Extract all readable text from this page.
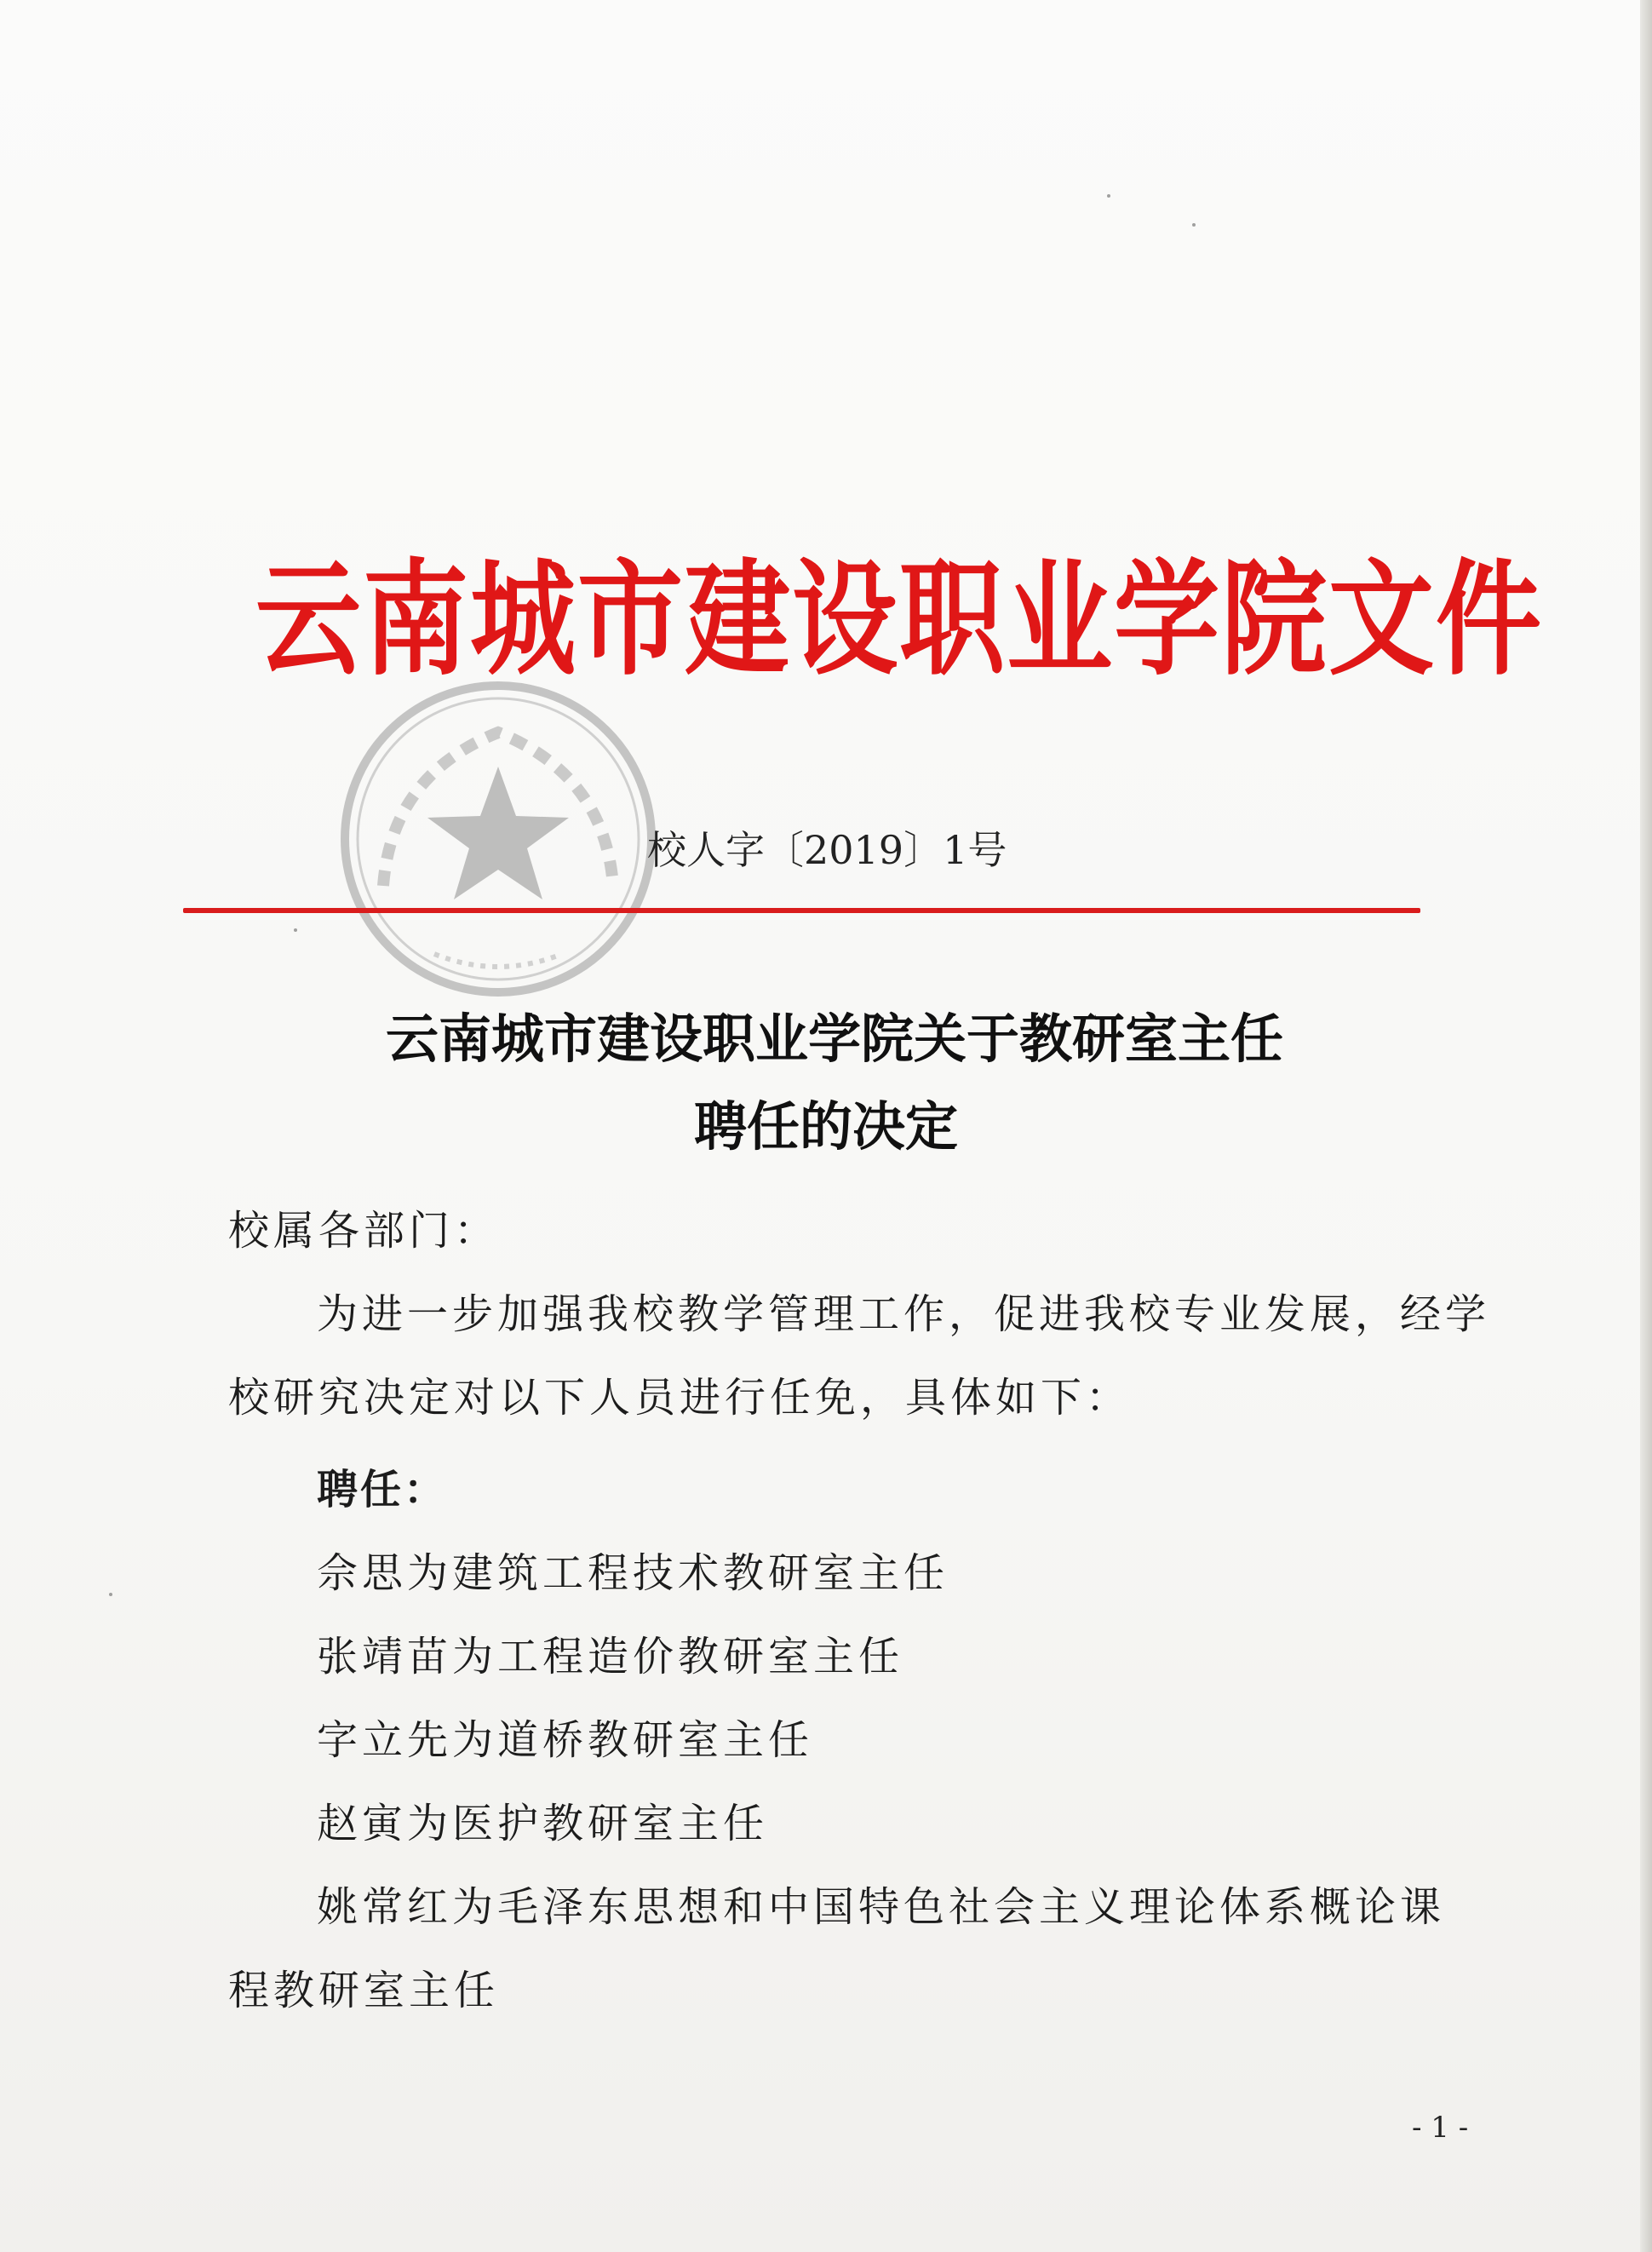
云南城市建设职业学院文件
校人字〔2019〕1号
云南城市建设职业学院关于教研室主任
聘任的决定
校属各部门：
为进一步加强我校教学管理工作，促进我校专业发展，经学
校研究决定对以下人员进行任免，具体如下：
聘任：
佘思为建筑工程技术教研室主任
张靖苗为工程造价教研室主任
字立先为道桥教研室主任
赵寅为医护教研室主任
姚常红为毛泽东思想和中国特色社会主义理论体系概论课
程教研室主任
- 1 -
